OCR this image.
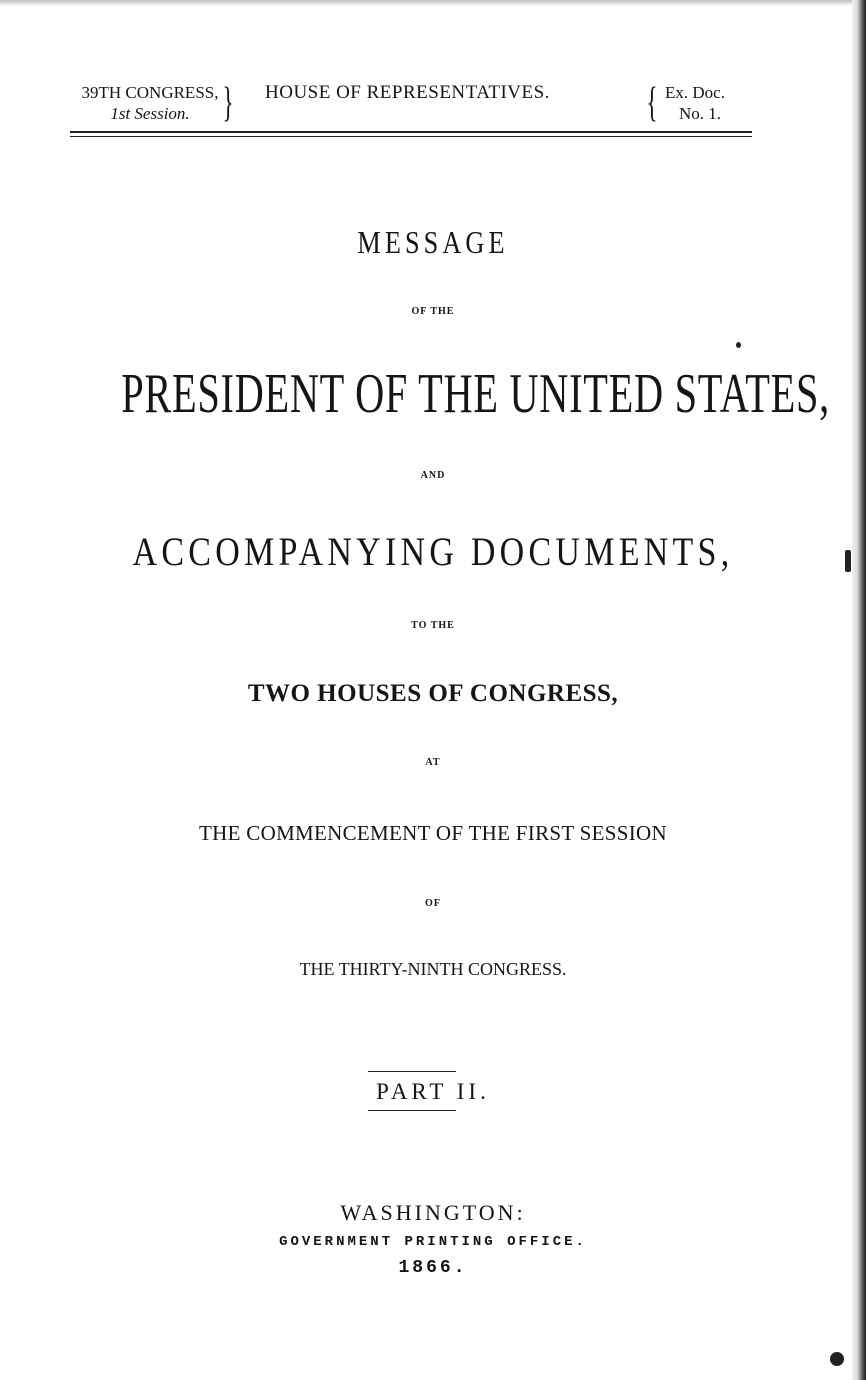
39TH CONGRESS,
1st Session. } HOUSE OF REPRESENTATIVES.	{ Ex. Doc.
No. 1.
MESSAGE
OF THE
PRESIDENT OF THE UNITED STATES,
AND
ACCOMPANYING DOCUMENTS,
TO THE
TWO HOUSES OF CONGRESS,
AT
THE COMMENCEMENT OF THE FIRST SESSION
OF
THE THIRTY-NINTH CONGRESS.
PART II.
WASHINGTON:
GOVERNMENT PRINTING OFFICE.
1866.
